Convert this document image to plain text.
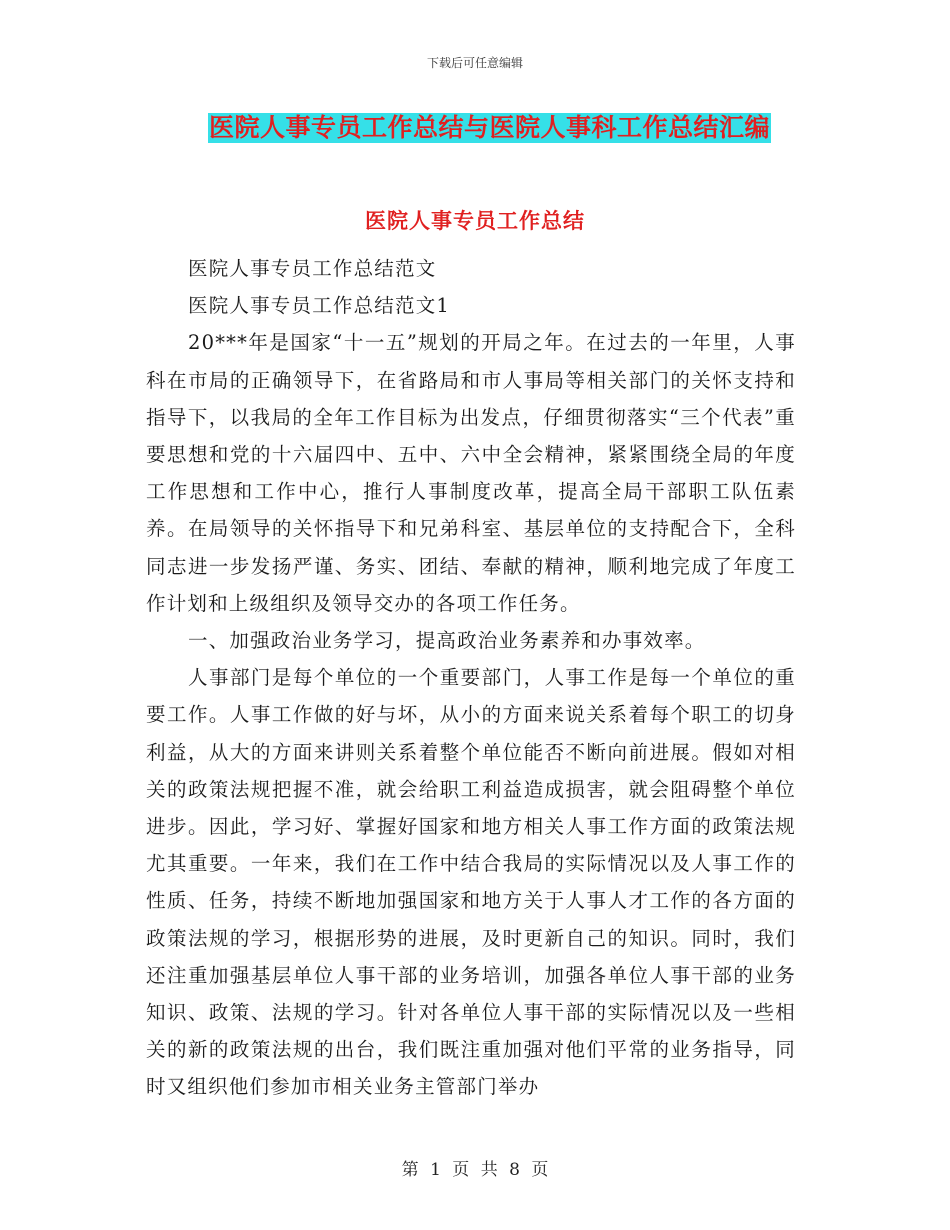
下载后可任意编辑
医院人事专员工作总结与医院人事科工作总结汇编
医院人事专员工作总结

医院人事专员工作总结范文

医院人事专员工作总结范文1

20***年是国家“十一五”规划的开局之年。在过去的一年里，人事科在市局的正确领导下，在省路局和市人事局等相关部门的关怀支持和指导下，以我局的全年工作目标为出发点，仔细贯彻落实“三个代表”重要思想和党的十六届四中、五中、六中全会精神，紧紧围绕全局的年度工作思想和工作中心，推行人事制度改革，提高全局干部职工队伍素养。在局领导的关怀指导下和兄弟科室、基层单位的支持配合下，全科同志进一步发扬严谨、务实、团结、奉献的精神，顺利地完成了年度工作计划和上级组织及领导交办的各项工作任务。

一、加强政治业务学习，提高政治业务素养和办事效率。

人事部门是每个单位的一个重要部门，人事工作是每一个单位的重要工作。人事工作做的好与坏，从小的方面来说关系着每个职工的切身利益，从大的方面来讲则关系着整个单位能否不断向前进展。假如对相关的政策法规把握不准，就会给职工利益造成损害，就会阻碍整个单位进步。因此，学习好、掌握好国家和地方相关人事工作方面的政策法规尤其重要。一年来，我们在工作中结合我局的实际情况以及人事工作的性质、任务，持续不断地加强国家和地方关于人事人才工作的各方面的政策法规的学习，根据形势的进展，及时更新自己的知识。同时，我们还注重加强基层单位人事干部的业务培训，加强各单位人事干部的业务知识、政策、法规的学习。针对各单位人事干部的实际情况以及一些相关的新的政策法规的出台，我们既注重加强对他们平常的业务指导，同时又组织他们参加市相关业务主管部门举办

第 1 页 共 8 页
